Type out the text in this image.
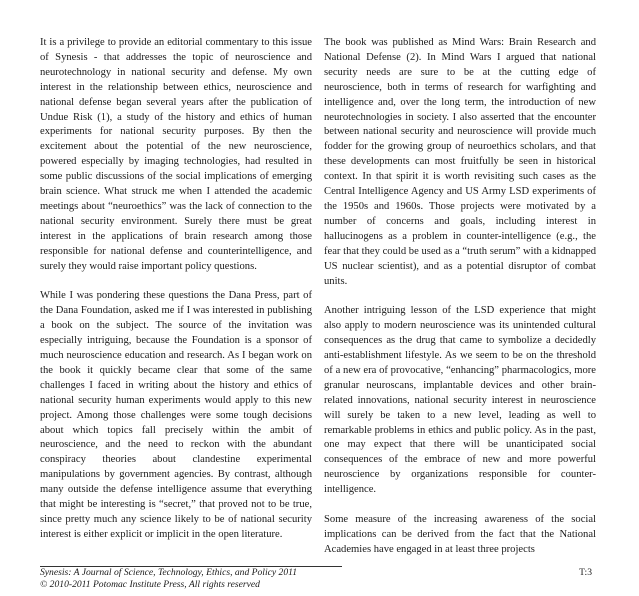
It is a privilege to provide an editorial commentary to this issue of Synesis - that addresses the topic of neuroscience and neurotechnology in national security and defense. My own interest in the relationship between ethics, neuroscience and national defense began several years after the publication of Undue Risk (1), a study of the history and ethics of human experiments for national security purposes. By then the excitement about the potential of the new neuroscience, powered especially by imaging technologies, had resulted in some public discussions of the social implications of emerging brain science. What struck me when I attended the academic meetings about “neuroethics” was the lack of connection to the national security environment. Surely there must be great interest in the applications of brain research among those responsible for national defense and counterintelligence, and surely they would raise important policy questions.

While I was pondering these questions the Dana Press, part of the Dana Foundation, asked me if I was interested in publishing a book on the subject. The source of the invitation was especially intriguing, because the Foundation is a sponsor of much neuroscience education and research. As I began work on the book it quickly became clear that some of the same challenges I faced in writing about the history and ethics of national security human experiments would apply to this new project. Among those challenges were some tough decisions about which topics fall precisely within the ambit of neuroscience, and the need to reckon with the abundant conspiracy theories about clandestine experimental manipulations by government agencies. By contrast, although many outside the defense intelligence assume that everything that might be interesting is “secret,” that proved not to be true, since pretty much any science likely to be of national security interest is either explicit or implicit in the open literature.

The book was published as Mind Wars: Brain Research and National Defense (2). In Mind Wars I argued that national security needs are sure to be at the cutting edge of neuroscience, both in terms of research for warfighting and intelligence and, over the long term, the introduction of new neurotechnologies in society. I also asserted that the encounter between national security and neuroscience will provide much fodder for the growing group of neuroethics scholars, and that these developments can most fruitfully be seen in historical context. In that spirit it is worth revisiting such cases as the Central Intelligence Agency and US Army LSD experiments of the 1950s and 1960s. Those projects were motivated by a number of concerns and goals, including interest in hallucinogens as a problem in counter-intelligence (e.g., the fear that they could be used as a “truth serum” with a kidnapped US nuclear scientist), and as a potential disruptor of combat units.

Another intriguing lesson of the LSD experience that might also apply to modern neuroscience was its unintended cultural consequences as the drug that came to symbolize a decidedly anti-establishment lifestyle. As we seem to be on the threshold of a new era of provocative, “enhancing” pharmacologics, more granular neuroscans, implantable devices and other brain-related innovations, national security interest in neuroscience will surely be taken to a new level, leading as well to remarkable problems in ethics and public policy. As in the past, one may expect that there will be unanticipated social consequences of the embrace of new and more powerful neuroscience by organizations responsible for counter-intelligence.

Some measure of the increasing awareness of the social implications can be derived from the fact that the National Academies have engaged in at least three projects

Synesis: A Journal of Science, Technology, Ethics, and Policy 2011
© 2010-2011 Potomac Institute Press, All rights reserved
T:3
